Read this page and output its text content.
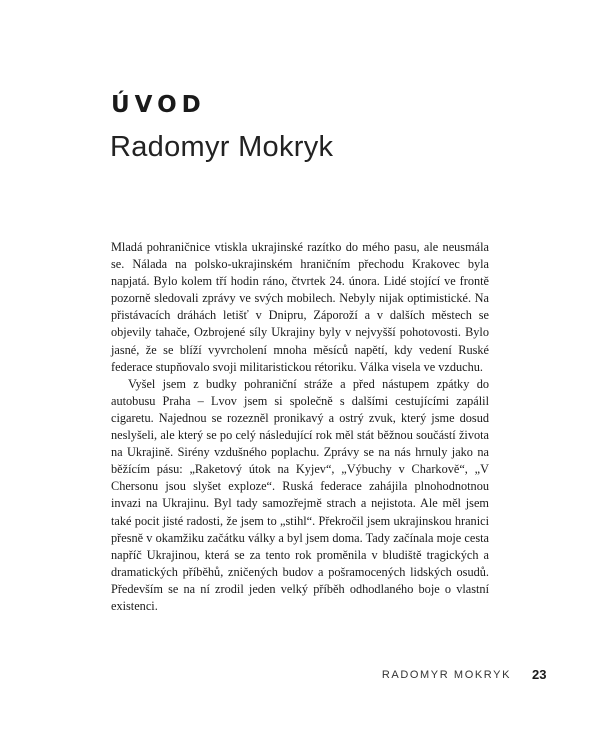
ÚVOD
Radomyr Mokryk

Mladá pohraničnice vtiskla ukrajinské razítko do mého pasu, ale neusmála se. Nálada na polsko-ukrajinském hraničním přechodu Krakovec byla napjatá. Bylo kolem tří hodin ráno, čtvrtek 24. února. Lidé stojící ve frontě pozorně sledovali zprávy ve svých mobilech. Nebyly nijak optimistické. Na přistávacích dráhách letišť v Dnipru, Záporoží a v dalších městech se objevily tahače, Ozbrojené síly Ukrajiny byly v nejvyšší pohotovosti. Bylo jasné, že se blíží vyvrcholení mnoha měsíců napětí, kdy vedení Ruské federace stupňovalo svoji militaristickou rétoriku. Válka visela ve vzduchu.

Vyšel jsem z budky pohraniční stráže a před nástupem zpátky do autobusu Praha – Lvov jsem si společně s dalšími cestujícími zapálil cigaretu. Najednou se rozezněl pronikavý a ostrý zvuk, který jsme dosud neslyšeli, ale který se po celý následující rok měl stát běžnou součástí života na Ukrajině. Sirény vzdušného poplachu. Zprávy se na nás hrnuly jako na běžícím pásu: „Raketový útok na Kyjev“, „Výbuchy v Charkově“, „V Chersonu jsou slyšet exploze“. Ruská federace zahájila plnohodnotnou invazi na Ukrajinu. Byl tady samozřejmě strach a nejistota. Ale měl jsem také pocit jisté radosti, že jsem to „stihl“. Překročil jsem ukrajinskou hranici přesně v okamžiku začátku války a byl jsem doma. Tady začínala moje cesta napříč Ukrajinou, která se za tento rok proměnila v bludiště tragických a dramatických příběhů, zničených budov a pošramocených lidských osudů. Především se na ní zrodil jeden velký příběh odhodlaného boje o vlastní existenci.

RADOMYR MOKRYK 23
